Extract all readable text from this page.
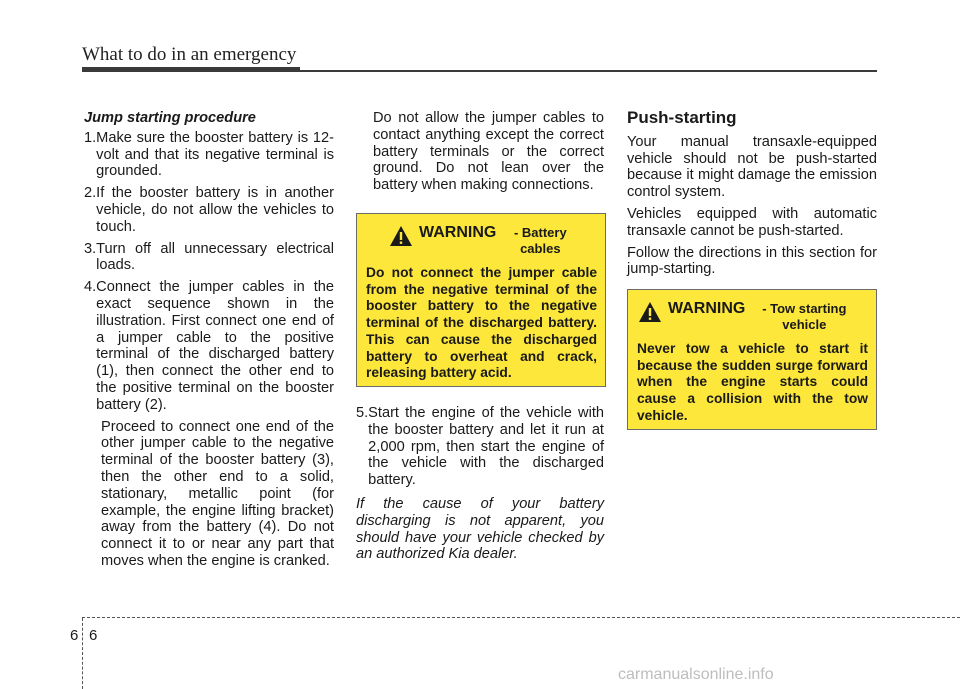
What to do in an emergency

Jump starting procedure

1. Make sure the booster battery is 12-volt and that its negative terminal is grounded.

2. If the booster battery is in another vehicle, do not allow the vehicles to touch.

3. Turn off all unnecessary electrical loads.

4. Connect the jumper cables in the exact sequence shown in the illustration. First connect one end of a jumper cable to the positive terminal of the discharged battery (1), then connect the other end to the positive terminal on the booster battery (2).

Proceed to connect one end of the other jumper cable to the negative terminal of the booster battery (3), then the other end to a solid, stationary, metallic point (for example, the engine lifting bracket) away from the battery (4). Do not connect it to or near any part that moves when the engine is cranked.

Do not allow the jumper cables to contact anything except the correct battery terminals or the correct ground. Do not lean over the battery when making connections.

WARNING	- Battery cables
Do not connect the jumper cable from the negative terminal of the booster battery to the negative terminal of the discharged battery. This can cause the discharged battery to overheat and crack, releasing battery acid.
5. Start the engine of the vehicle with the booster battery and let it run at 2,000 rpm, then start the engine of the vehicle with the discharged battery.

If the cause of your battery discharging is not apparent, you should have your vehicle checked by an authorized Kia dealer.

Push-starting

Your manual transaxle-equipped vehicle should not be push-started because it might damage the emission control system.

Vehicles equipped with automatic transaxle cannot be push-started.

Follow the directions in this section for jump-starting.

WARNING	- Tow starting vehicle
Never tow a vehicle to start it because the sudden surge forward when the engine starts could cause a collision with the tow vehicle.
6 6
carmanualsonline.info
